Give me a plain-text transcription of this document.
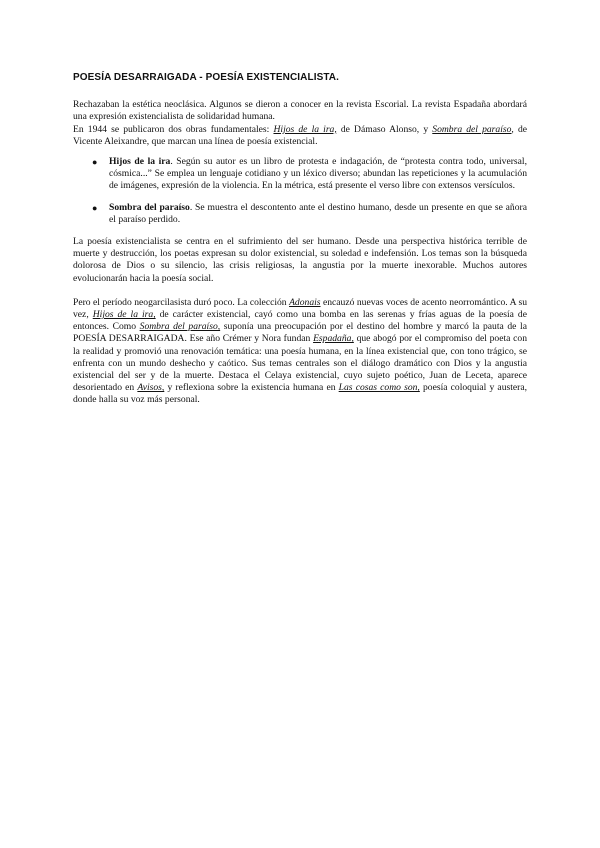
POESÍA DESARRAIGADA - POESÍA EXISTENCIALISTA.

Rechazaban la estética neoclásica. Algunos se dieron a conocer en la revista Escorial. La revista Espadaña abordará una expresión existencialista de solidaridad humana.

En 1944 se publicaron dos obras fundamentales: Hijos de la ira, de Dámaso Alonso, y Sombra del paraíso, de Vicente Aleixandre, que marcan una línea de poesía existencial.

● Hijos de la ira. Según su autor es un libro de protesta e indagación, de “protesta contra todo, universal, cósmica...” Se emplea un lenguaje cotidiano y un léxico diverso; abundan las repeticiones y la acumulación de imágenes, expresión de la violencia. En la métrica, está presente el verso libre con extensos versículos.
● Sombra del paraíso. Se muestra el descontento ante el destino humano, desde un presente en que se añora el paraíso perdido.

La poesía existencialista se centra en el sufrimiento del ser humano. Desde una perspectiva histórica terrible de muerte y destrucción, los poetas expresan su dolor existencial, su soledad e indefensión. Los temas son la búsqueda dolorosa de Dios o su silencio, las crisis religiosas, la angustia por la muerte inexorable. Muchos autores evolucionarán hacia la poesía social.

Pero el período neogarcilasista duró poco. La colección Adonais encauzó nuevas voces de acento neorromántico. A su vez, Hijos de la ira, de carácter existencial, cayó como una bomba en las serenas y frías aguas de la poesía de entonces. Como Sombra del paraíso, suponía una preocupación por el destino del hombre y marcó la pauta de la POESÍA DESARRAIGADA. Ese año Crémer y Nora fundan Espadaña, que abogó por el compromiso del poeta con la realidad y promovió una renovación temática: una poesía humana, en la línea existencial que, con tono trágico, se enfrenta con un mundo deshecho y caótico. Sus temas centrales son el diálogo dramático con Dios y la angustia existencial del ser y de la muerte. Destaca el Celaya existencial, cuyo sujeto poético, Juan de Leceta, aparece desorientado en Avisos, y reflexiona sobre la existencia humana en Las cosas como son, poesía coloquial y austera, donde halla su voz más personal.
